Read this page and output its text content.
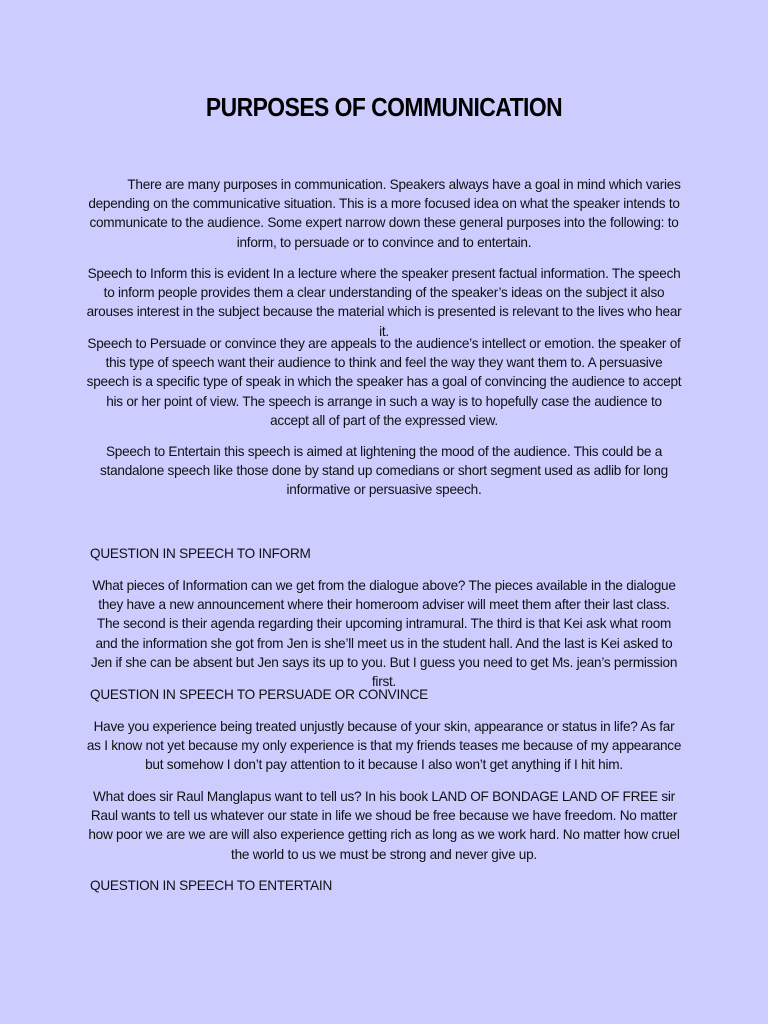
PURPOSES OF COMMUNICATION

There are many purposes in communication. Speakers always have a goal in mind which varies depending on the communicative situation. This is a more focused idea on what the speaker intends to communicate to the audience. Some expert narrow down these general purposes into the following: to inform, to persuade or to convince and to entertain.

Speech to Inform this is evident In a lecture where the speaker present factual information. The speech to inform people provides them a clear understanding of the speaker’s ideas on the subject it also arouses interest in the subject because the material which is presented is relevant to the lives who hear it.

Speech to Persuade or convince they are appeals to the audience’s intellect or emotion. the speaker of this type of speech want their audience to think and feel the way they want them to. A persuasive speech is a specific type of speak in which the speaker has a goal of convincing the audience to accept his or her point of view. The speech is arrange in such a way is to hopefully case the audience to accept all of part of the expressed view.

Speech to Entertain this speech is aimed at lightening the mood of the audience. This could be a standalone speech like those done by stand up comedians or short segment used as adlib for long informative or persuasive speech.

QUESTION IN SPEECH TO INFORM

What pieces of Information can we get from the dialogue above? The pieces available in the dialogue they have a new announcement where their homeroom adviser will meet them after their last class. The second is their agenda regarding their upcoming intramural. The third is that Kei ask what room and the information she got from Jen is she’ll meet us in the student hall. And the last is Kei asked to Jen if she can be absent but Jen says its up to you. But I guess you need to get Ms. jean’s permission first.

QUESTION IN SPEECH TO PERSUADE OR CONVINCE

Have you experience being treated unjustly because of your skin, appearance or status in life? As far as I know not yet because my only experience is that my friends teases me because of my appearance but somehow I don’t pay attention to it because I also won’t get anything if I hit him.

What does sir Raul Manglapus want to tell us? In his book LAND OF BONDAGE LAND OF FREE sir Raul wants to tell us whatever our state in life we shoud be free because we have freedom. No matter how poor we are we are will also experience getting rich as long as we work hard. No matter how cruel the world to us we must be strong and never give up.

QUESTION IN SPEECH TO ENTERTAIN
